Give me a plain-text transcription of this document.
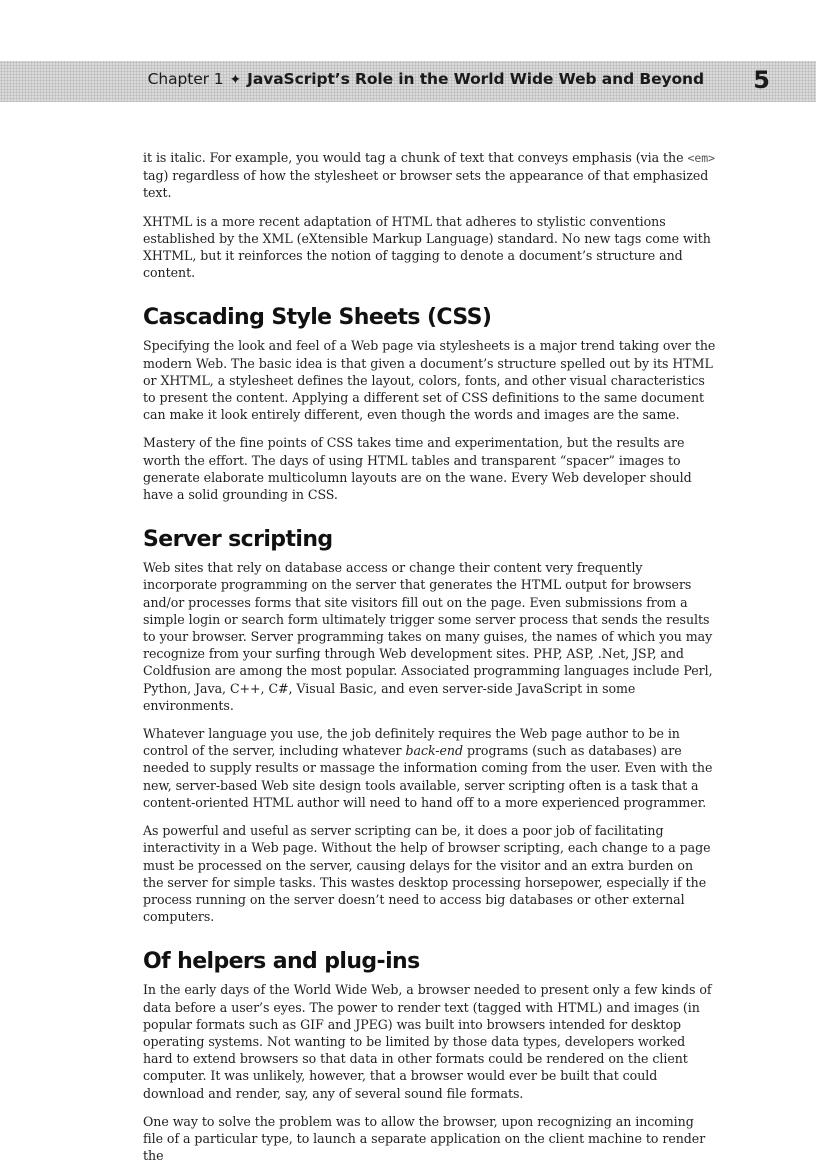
Chapter 1 ✦ JavaScript’s Role in the World Wide Web and Beyond 5

it is italic. For example, you would tag a chunk of text that conveys emphasis (via the <em> tag) regardless of how the stylesheet or browser sets the appearance of that emphasized text.

XHTML is a more recent adaptation of HTML that adheres to stylistic conventions established by the XML (eXtensible Markup Language) standard. No new tags come with XHTML, but it reinforces the notion of tagging to denote a document’s structure and content.

Cascading Style Sheets (CSS)

Specifying the look and feel of a Web page via stylesheets is a major trend taking over the modern Web. The basic idea is that given a document’s structure spelled out by its HTML or XHTML, a stylesheet defines the layout, colors, fonts, and other visual characteristics to present the content. Applying a different set of CSS definitions to the same document can make it look entirely different, even though the words and images are the same.

Mastery of the fine points of CSS takes time and experimentation, but the results are worth the effort. The days of using HTML tables and transparent “spacer” images to generate elaborate multicolumn layouts are on the wane. Every Web developer should have a solid grounding in CSS.

Server scripting

Web sites that rely on database access or change their content very frequently incorporate programming on the server that generates the HTML output for browsers and/or processes forms that site visitors fill out on the page. Even submissions from a simple login or search form ultimately trigger some server process that sends the results to your browser. Server programming takes on many guises, the names of which you may recognize from your surfing through Web development sites. PHP, ASP, .Net, JSP, and Coldfusion are among the most popular. Associated programming languages include Perl, Python, Java, C++, C#, Visual Basic, and even server-side JavaScript in some environments.

Whatever language you use, the job definitely requires the Web page author to be in control of the server, including whatever back-end programs (such as databases) are needed to supply results or massage the information coming from the user. Even with the new, server-based Web site design tools available, server scripting often is a task that a content-oriented HTML author will need to hand off to a more experienced programmer.

As powerful and useful as server scripting can be, it does a poor job of facilitating interactivity in a Web page. Without the help of browser scripting, each change to a page must be processed on the server, causing delays for the visitor and an extra burden on the server for simple tasks. This wastes desktop processing horsepower, especially if the process running on the server doesn’t need to access big databases or other external computers.

Of helpers and plug-ins

In the early days of the World Wide Web, a browser needed to present only a few kinds of data before a user’s eyes. The power to render text (tagged with HTML) and images (in popular formats such as GIF and JPEG) was built into browsers intended for desktop operating systems. Not wanting to be limited by those data types, developers worked hard to extend browsers so that data in other formats could be rendered on the client computer. It was unlikely, however, that a browser would ever be built that could download and render, say, any of several sound file formats.

One way to solve the problem was to allow the browser, upon recognizing an incoming file of a particular type, to launch a separate application on the client machine to render the
